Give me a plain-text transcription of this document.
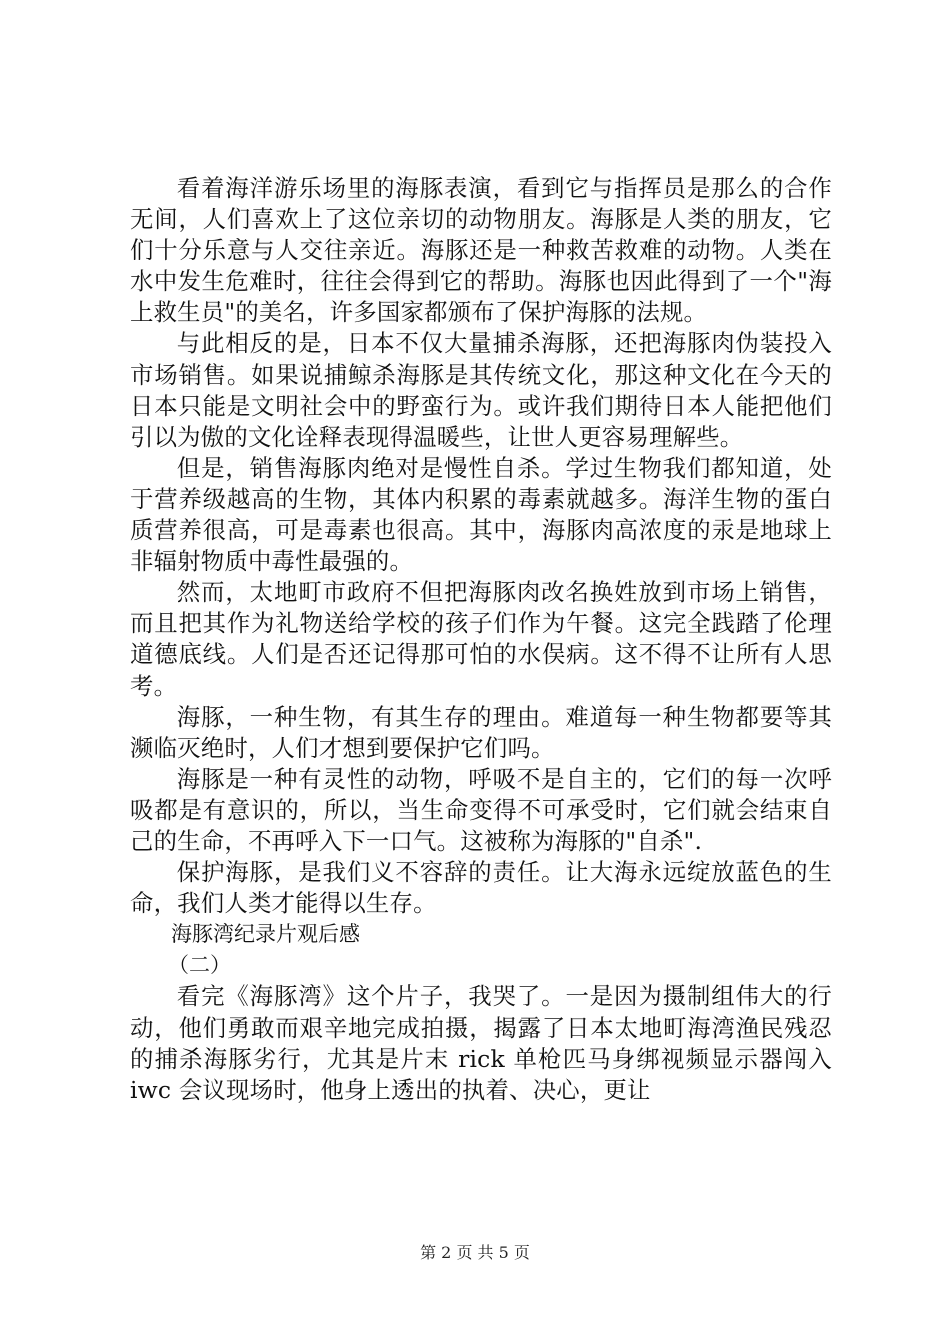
看着海洋游乐场里的海豚表演，看到它与指挥员是那么的合作无间，人们喜欢上了这位亲切的动物朋友。海豚是人类的朋友，它们十分乐意与人交往亲近。海豚还是一种救苦救难的动物。人类在水中发生危难时，往往会得到它的帮助。海豚也因此得到了一个"海上救生员"的美名，许多国家都颁布了保护海豚的法规。

与此相反的是，日本不仅大量捕杀海豚，还把海豚肉伪装投入市场销售。如果说捕鲸杀海豚是其传统文化，那这种文化在今天的日本只能是文明社会中的野蛮行为。或许我们期待日本人能把他们引以为傲的文化诠释表现得温暖些，让世人更容易理解些。

但是，销售海豚肉绝对是慢性自杀。学过生物我们都知道，处于营养级越高的生物，其体内积累的毒素就越多。海洋生物的蛋白质营养很高，可是毒素也很高。其中，海豚肉高浓度的汞是地球上非辐射物质中毒性最强的。

然而，太地町市政府不但把海豚肉改名换姓放到市场上销售，而且把其作为礼物送给学校的孩子们作为午餐。这完全践踏了伦理道德底线。人们是否还记得那可怕的水俣病。这不得不让所有人思考。

海豚，一种生物，有其生存的理由。难道每一种生物都要等其濒临灭绝时，人们才想到要保护它们吗。

海豚是一种有灵性的动物，呼吸不是自主的，它们的每一次呼吸都是有意识的，所以，当生命变得不可承受时，它们就会结束自己的生命，不再呼入下一口气。这被称为海豚的"自杀".

保护海豚，是我们义不容辞的责任。让大海永远绽放蓝色的生命，我们人类才能得以生存。

海豚湾纪录片观后感

（二）

看完《海豚湾》这个片子，我哭了。一是因为摄制组伟大的行动，他们勇敢而艰辛地完成拍摄，揭露了日本太地町海湾渔民残忍的捕杀海豚劣行，尤其是片末 rick 单枪匹马身绑视频显示器闯入 iwc 会议现场时，他身上透出的执着、决心，更让

第 2 页 共 5 页
